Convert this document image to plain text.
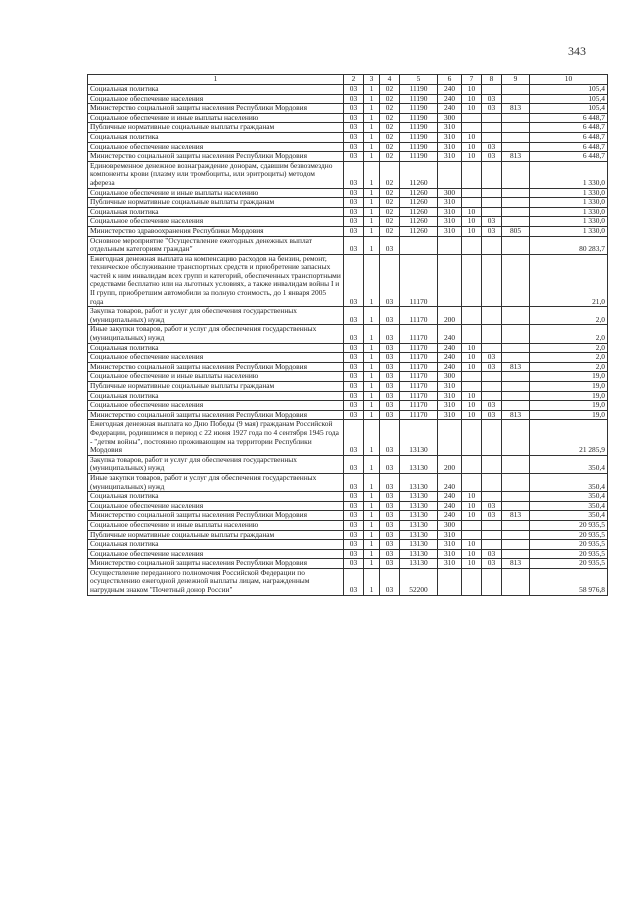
343
1	2	3	4	5	6	7	8	9	10
Социальная политика	03	1	02	11190	240	10			105,4
Социальное обеспечение населения	03	1	02	11190	240	10	03		105,4
Министерство социальной защиты населения Республики Мордовия	03	1	02	11190	240	10	03	813	105,4
Социальное обеспечение и иные выплаты населению	03	1	02	11190	300				6 448,7
Публичные нормативные социальные выплаты гражданам	03	1	02	11190	310				6 448,7
Социальная политика	03	1	02	11190	310	10			6 448,7
Социальное обеспечение населения	03	1	02	11190	310	10	03		6 448,7
Министерство социальной защиты населения Республики Мордовия	03	1	02	11190	310	10	03	813	6 448,7
Единовременное денежное вознаграждение донорам, сдавшим безвозмездно компоненты крови (плазму или тромбоциты, или эритроциты) методом афереза	03	1	02	11260					1 330,0
Социальное обеспечение и иные выплаты населению	03	1	02	11260	300				1 330,0
Публичные нормативные социальные выплаты гражданам	03	1	02	11260	310				1 330,0
Социальная политика	03	1	02	11260	310	10			1 330,0
Социальное обеспечение населения	03	1	02	11260	310	10	03		1 330,0
Министерство здравоохранения Республики Мордовия	03	1	02	11260	310	10	03	805	1 330,0
Основное мероприятие "Осуществление ежегодных денежных выплат отдельным категориям граждан"	03	1	03						80 283,7
Ежегодная денежная выплата на компенсацию расходов на бензин, ремонт, техническое обслуживание транспортных средств и приобретение запасных частей к ним инвалидам всех групп и категорий, обеспеченных транспортными средствами бесплатно или на льготных условиях, а также инвалидам войны I и II групп, приобретшим автомобили за полную стоимость, до 1 января 2005 года	03	1	03	11170					21,0
Закупка товаров, работ и услуг для обеспечения государственных (муниципальных) нужд	03	1	03	11170	200				2,0
Иные закупки товаров, работ и услуг для обеспечения государственных (муниципальных) нужд	03	1	03	11170	240				2,0
Социальная политика	03	1	03	11170	240	10			2,0
Социальное обеспечение населения	03	1	03	11170	240	10	03		2,0
Министерство социальной защиты населения Республики Мордовия	03	1	03	11170	240	10	03	813	2,0
Социальное обеспечение и иные выплаты населению	03	1	03	11170	300				19,0
Публичные нормативные социальные выплаты гражданам	03	1	03	11170	310				19,0
Социальная политика	03	1	03	11170	310	10			19,0
Социальное обеспечение населения	03	1	03	11170	310	10	03		19,0
Министерство социальной защиты населения Республики Мордовия	03	1	03	11170	310	10	03	813	19,0
Ежегодная денежная выплата ко Дню Победы (9 мая) гражданам Российской Федерации, родившимся в период с 22 июня 1927 года по 4 сентября 1945 года - "детям войны", постоянно проживающим на территории Республики Мордовия	03	1	03	13130					21 285,9
Закупка товаров, работ и услуг для обеспечения государственных (муниципальных) нужд	03	1	03	13130	200				350,4
Иные закупки товаров, работ и услуг для обеспечения государственных (муниципальных) нужд	03	1	03	13130	240				350,4
Социальная политика	03	1	03	13130	240	10			350,4
Социальное обеспечение населения	03	1	03	13130	240	10	03		350,4
Министерство социальной защиты населения Республики Мордовия	03	1	03	13130	240	10	03	813	350,4
Социальное обеспечение и иные выплаты населению	03	1	03	13130	300				20 935,5
Публичные нормативные социальные выплаты гражданам	03	1	03	13130	310				20 935,5
Социальная политика	03	1	03	13130	310	10			20 935,5
Социальное обеспечение населения	03	1	03	13130	310	10	03		20 935,5
Министерство социальной защиты населения Республики Мордовия	03	1	03	13130	310	10	03	813	20 935,5
Осуществление переданного полномочия Российской Федерации по осуществлению ежегодной денежной выплаты лицам, награжденным нагрудным знаком "Почетный донор России"	03	1	03	52200					58 976,8
